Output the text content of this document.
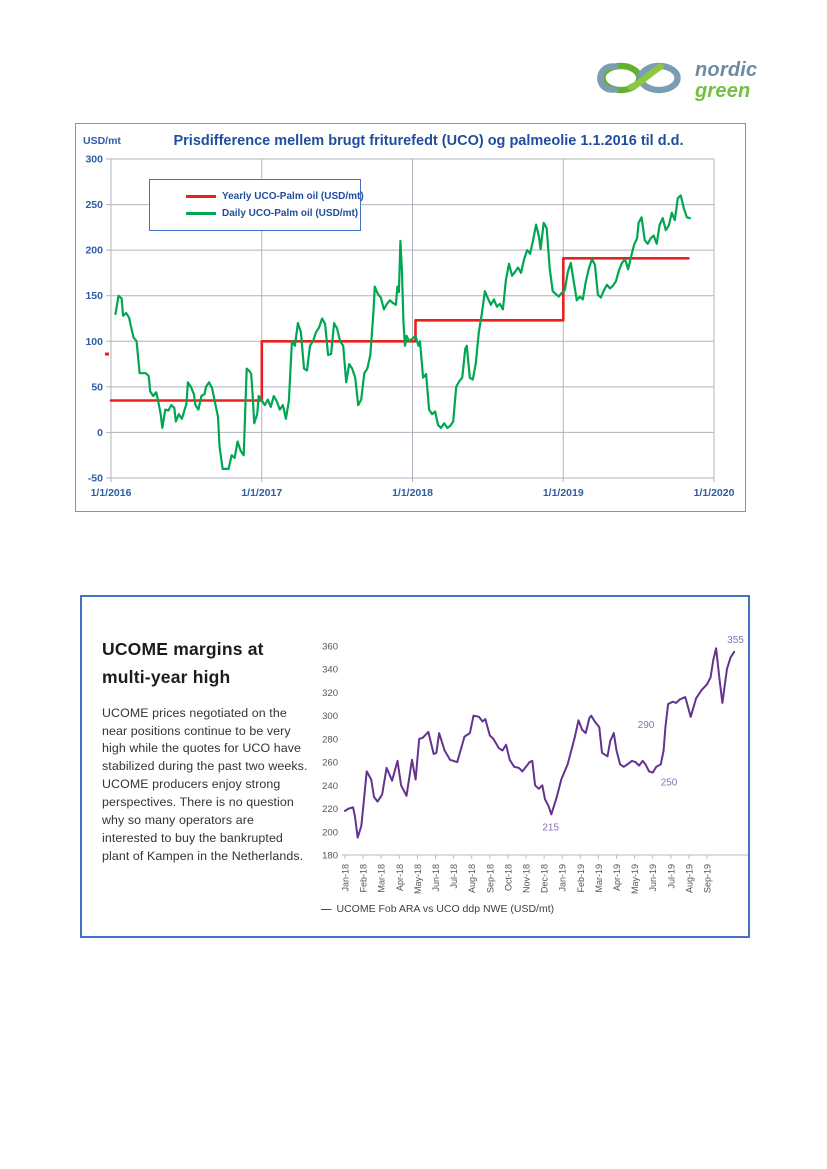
nordic
green
USD/mt	Prisdifference mellem brugt friturefedt (UCO) og palmeolie 1.1.2016 til d.d.
300
250
200
150
100
50
0
-50
1/1/2016	1/1/2017	1/1/2018	1/1/2019	1/1/2020
Yearly UCO-Palm oil (USD/mt)
Daily UCO-Palm oil (USD/mt)
UCOME margins at multi-year high
UCOME prices negotiated on the near positions continue to be very high while the quotes for UCO have stabilized during the past two weeks. UCOME producers enjoy strong perspectives. There is no question why so many operators are interested to buy the bankrupted plant of Kampen in the Netherlands.
360
340
320
300
280
260
240
220
200
180
Jan-18 Feb-18 Mar-18 Apr-18 May-18 Jun-18 Jul-18 Aug-18 Sep-18 Oct-18 Nov-18 Dec-18 Jan-19 Feb-19 Mar-19 Apr-19 May-19 Jun-19 Jul-19 Aug-19 Sep-19
215
250
290
355
— UCOME Fob ARA vs UCO ddp NWE (USD/mt)
